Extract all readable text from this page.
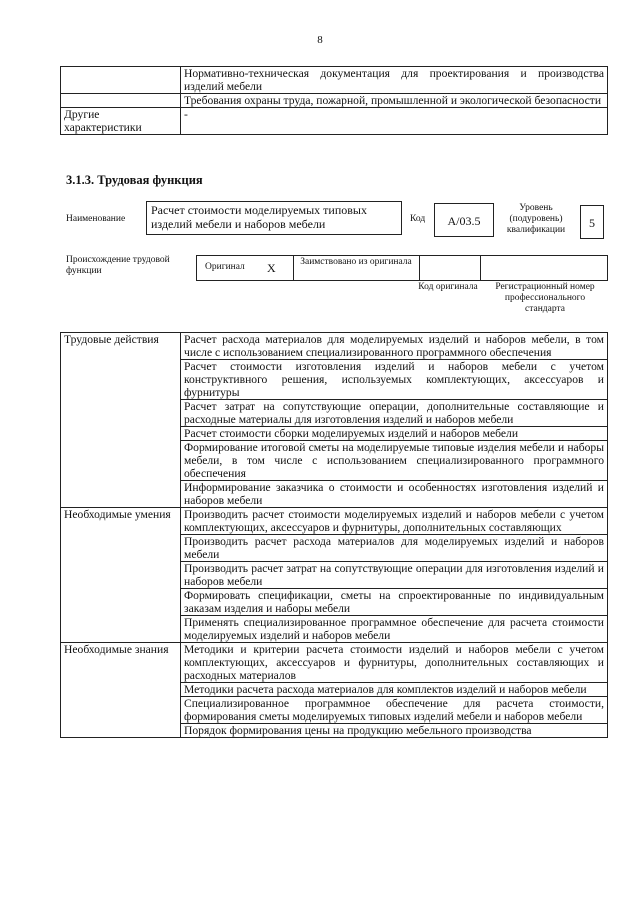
8
	Нормативно-техническая документация для проектирования и производства изделий мебели
	Требования охраны труда, пожарной, промышленной и экологической безопасности
Другие характеристики	-
3.1.3. Трудовая функция
Наименование
Расчет стоимости моделируемых типовых изделий мебели и наборов мебели	Код	А/03.5
Уровень (подуровень) квалификации	5
Происхождение трудовой функции	Оригинал X	Заимствовано из оригинала
Код оригинала	Регистрационный номер профессионального стандарта
Трудовые действия	Расчет расхода материалов для моделируемых изделий и наборов мебели, в том числе с использованием специализированного программного обеспечения
	Расчет стоимости изготовления изделий и наборов мебели с учетом конструктивного решения, используемых комплектующих, аксессуаров и фурнитуры
	Расчет затрат на сопутствующие операции, дополнительные составляющие и расходные материалы для изготовления изделий и наборов мебели
	Расчет стоимости сборки моделируемых изделий и наборов мебели
	Формирование итоговой сметы на моделируемые типовые изделия мебели и наборы мебели, в том числе с использованием специализированного программного обеспечения
	Информирование заказчика о стоимости и особенностях изготовления изделий и наборов мебели
Необходимые умения	Производить расчет стоимости моделируемых изделий и наборов мебели с учетом комплектующих, аксессуаров и фурнитуры, дополнительных составляющих
	Производить расчет расхода материалов для моделируемых изделий и наборов мебели
	Производить расчет затрат на сопутствующие операции для изготовления изделий и наборов мебели
	Формировать спецификации, сметы на спроектированные по индивидуальным заказам изделия и наборы мебели
	Применять специализированное программное обеспечение для расчета стоимости моделируемых изделий и наборов мебели
Необходимые знания	Методики и критерии расчета стоимости изделий и наборов мебели с учетом комплектующих, аксессуаров и фурнитуры, дополнительных составляющих и расходных материалов
	Методики расчета расхода материалов для комплектов изделий и наборов мебели
	Специализированное программное обеспечение для расчета стоимости, формирования сметы моделируемых типовых изделий мебели и наборов мебели
	Порядок формирования цены на продукцию мебельного производства
